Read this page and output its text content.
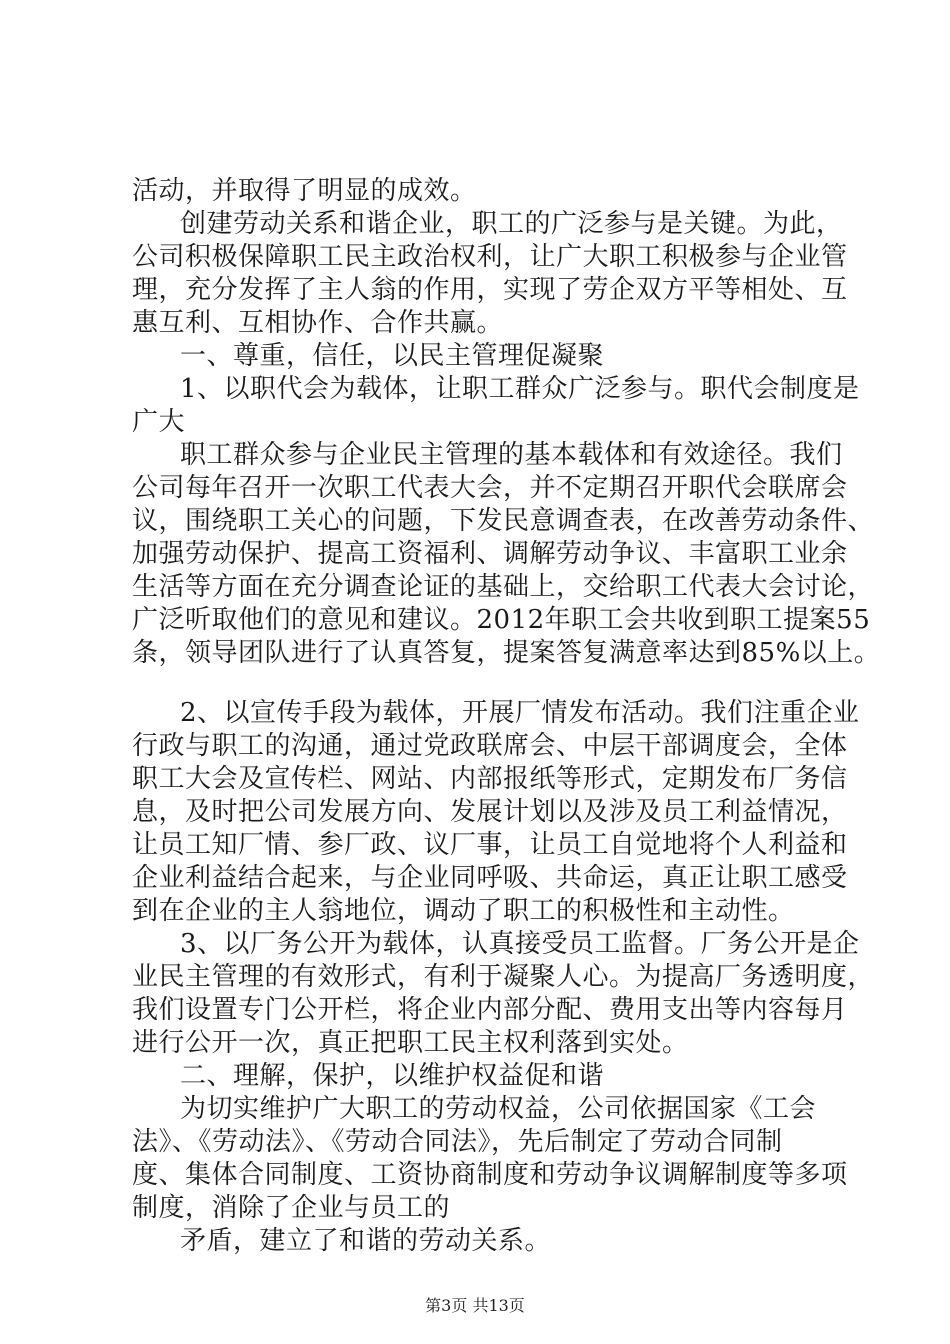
活动，并取得了明显的成效。
创建劳动关系和谐企业，职工的广泛参与是关键。为此，
公司积极保障职工民主政治权利，让广大职工积极参与企业管
理，充分发挥了主人翁的作用，实现了劳企双方平等相处、互
惠互利、互相协作、合作共赢。
一、尊重，信任，以民主管理促凝聚
1、以职代会为载体，让职工群众广泛参与。职代会制度是
广大
职工群众参与企业民主管理的基本载体和有效途径。我们
公司每年召开一次职工代表大会，并不定期召开职代会联席会
议，围绕职工关心的问题，下发民意调查表，在改善劳动条件、
加强劳动保护、提高工资福利、调解劳动争议、丰富职工业余
生活等方面在充分调查论证的基础上，交给职工代表大会讨论，
广泛听取他们的意见和建议。2012年职工会共收到职工提案55
条，领导团队进行了认真答复，提案答复满意率达到85%以上。
2、以宣传手段为载体，开展厂情发布活动。我们注重企业
行政与职工的沟通，通过党政联席会、中层干部调度会，全体
职工大会及宣传栏、网站、内部报纸等形式，定期发布厂务信
息，及时把公司发展方向、发展计划以及涉及员工利益情况，
让员工知厂情、参厂政、议厂事，让员工自觉地将个人利益和
企业利益结合起来，与企业同呼吸、共命运，真正让职工感受
到在企业的主人翁地位，调动了职工的积极性和主动性。
3、以厂务公开为载体，认真接受员工监督。厂务公开是企
业民主管理的有效形式，有利于凝聚人心。为提高厂务透明度，
我们设置专门公开栏，将企业内部分配、费用支出等内容每月
进行公开一次，真正把职工民主权利落到实处。
二、理解，保护，以维护权益促和谐
为切实维护广大职工的劳动权益，公司依据国家《工会
法》、《劳动法》、《劳动合同法》，先后制定了劳动合同制
度、集体合同制度、工资协商制度和劳动争议调解制度等多项
制度，消除了企业与员工的
矛盾，建立了和谐的劳动关系。
第3页 共13页
